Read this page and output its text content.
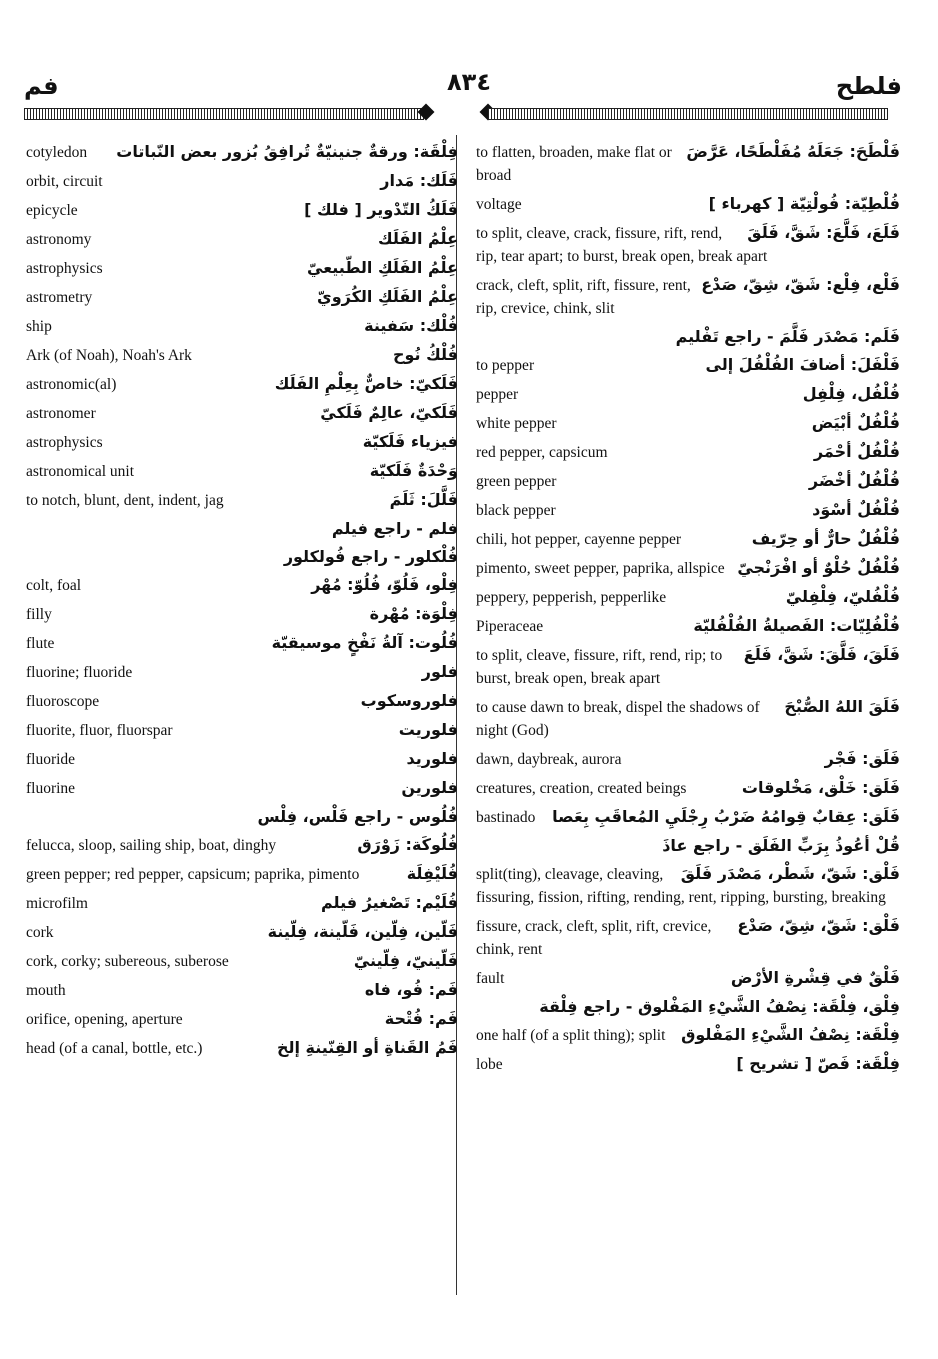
فم	٨٣٤	فلطح
فِلْقَة: ورقةٌ جنينيّةٌ تُرافِقُ بُزور بعض النّباتات
cotyledon
فَلَك: مَدار
orbit, circuit
فَلَكُ التّدْوير [ فلك ]
epicycle
عِلْمُ الفَلَك
astronomy
عِلْمُ الفَلَكِ الطّبيعيّ
astrophysics
عِلْمُ الفَلَكِ الكُرَويّ
astrometry
فُلْك: سَفينة
ship
فُلْكُ نُوح
Ark (of Noah), Noah's Ark
فَلَكيّ: خاصٌّ بِعِلْمِ الفَلَك
astronomic(al)
فَلَكيّ، عالِمٌ فَلَكيّ
astronomer
فيزياء فَلَكيّة
astrophysics
وَحْدَةٌ فَلَكيّة
astronomical unit
فَلَّلَ: ثَلَمَ
to notch, blunt, dent, indent, jag
فلم - راجع فيلم
فُلْكلور - راجع فُولكلور
فِلْو، فَلُوّ، فُلُوّ: مُهْر
colt, foal
فِلْوَة: مُهْرة
filly
فُلُوت: آلةُ نَفْخٍ موسيقيّة
flute
فلور
fluorine; fluoride
فلوروسكوب
fluoroscope
فلوريت
fluorite, fluor, fluorspar
فلوريد
fluoride
فلورين
fluorine
فُلُوس - راجع فَلْس، فِلْس
فُلُوكَة: زَوْرَق
felucca, sloop, sailing ship, boat, dinghy
فُلَيْفِلَة
green pepper; red pepper, capsicum; paprika, pimento
فُلَيْم: تَصْغيرُ فيلم
microfilm
فَلّين، فِلّين، فَلّينة، فِلّينة
cork
فَلّينيّ، فِلّينيّ
cork, corky; subereous, suberose
فَم: فُو، فاه
mouth
فَم: فُتْحة
orifice, opening, aperture
فَمُ القَناةِ أو القِنّينةِ إلخ
head (of a canal, bottle, etc.)
فَلْطَحَ: جَعَلَهُ مُفَلْطَحًا، عَرَّضَ
to flatten, broaden, make flat or broad
فُلْطِيّة: فُولْتِيّة [ كهرباء ]
voltage
فَلَعَ، فَلَّعَ: شَقَّ، فَلَقَ
to split, cleave, crack, fissure, rift, rend, rip, tear apart; to burst, break open, break apart
فَلْع، فِلْع: شَقّ، شِقّ، صَدْع
crack, cleft, split, rift, fissure, rent, rip, crevice, chink, slit
فَلَم: مَصْدَر فَلَّمَ - راجع تَفْليم
فَلْفَلَ: أضافَ الفُلْفُلَ إلى
to pepper
فُلْفُل، فِلْفِل
pepper
فُلْفُلٌ أبْيَض
white pepper
فُلْفُلٌ أحْمَر
red pepper, capsicum
فُلْفُلٌ أخْضَر
green pepper
فُلْفُلٌ أسْوَد
black pepper
فُلْفُلٌ حارٌّ أو حِرّيف
chili, hot pepper, cayenne pepper
فُلْفُلٌ حُلْوٌ أو افْرَنْجيّ
pimento, sweet pepper, paprika, allspice
فُلْفُليّ، فِلْفِليّ
peppery, pepperish, pepperlike
فُلْفُلِيّات: الفَصيلةُ الفُلْفُليّة
Piperaceae
فَلَقَ، فَلَّقَ: شَقَّ، فَلَعَ
to split, cleave, fissure, rift, rend, rip; to burst, break open, break apart
فَلَقَ اللهُ الصُّبْحَ
to cause dawn to break, dispel the shadows of night (God)
فَلَق: فَجْر
dawn, daybreak, aurora
فَلَق: خَلْق، مَخْلوقات
creatures, creation, created beings
فَلَق: عِقابٌ قِوامُهُ ضَرْبُ رِجْلَيِ المُعاقَبِ بِعَصا
bastinado
قُلْ أعُوذُ بِرَبِّ الفَلَق - راجع عاذَ
فَلْق: شَقّ، شَطْر، مَصْدَر فَلَقَ
split(ting), cleavage, cleaving, fissuring, fission, rifting, rending, rent, ripping, bursting, breaking
فَلْق: شَقّ، شِقّ، صَدْع
fissure, crack, cleft, split, rift, crevice, chink, rent
فَلْقٌ في قِشْرةِ الأرْض
fault
فِلْق، فِلْقَة: نِصْفُ الشَّيْءِ المَفْلوق - راجع فِلْقة
فِلْقَة: نِصْفُ الشَّيْءِ المَفْلوق
one half (of a split thing); split
فِلْقَة: فَصّ [ تشريح ]
lobe
